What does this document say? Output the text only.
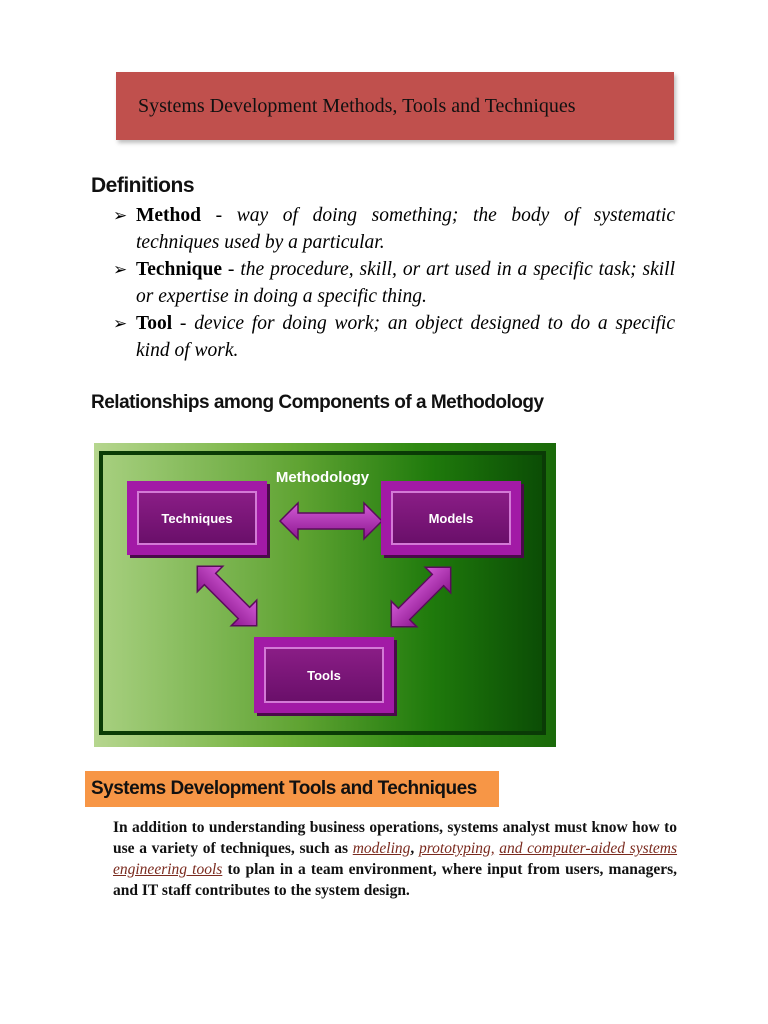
Systems Development Methods, Tools and Techniques
Definitions
➢ Method - way of doing something; the body of systematic techniques used by a particular.
➢ Technique - the procedure, skill, or art used in a specific task; skill or expertise in doing a specific thing.
➢ Tool - device for doing work; an object designed to do a specific kind of work.
Relationships among Components of a Methodology
Methodology
Techniques	Models
Tools
Systems Development Tools and Techniques
In addition to understanding business operations, systems analyst must know how to use a variety of techniques, such as modeling, prototyping, and computer-aided systems engineering tools to plan in a team environment, where input from users, managers, and IT staff contributes to the system design.
